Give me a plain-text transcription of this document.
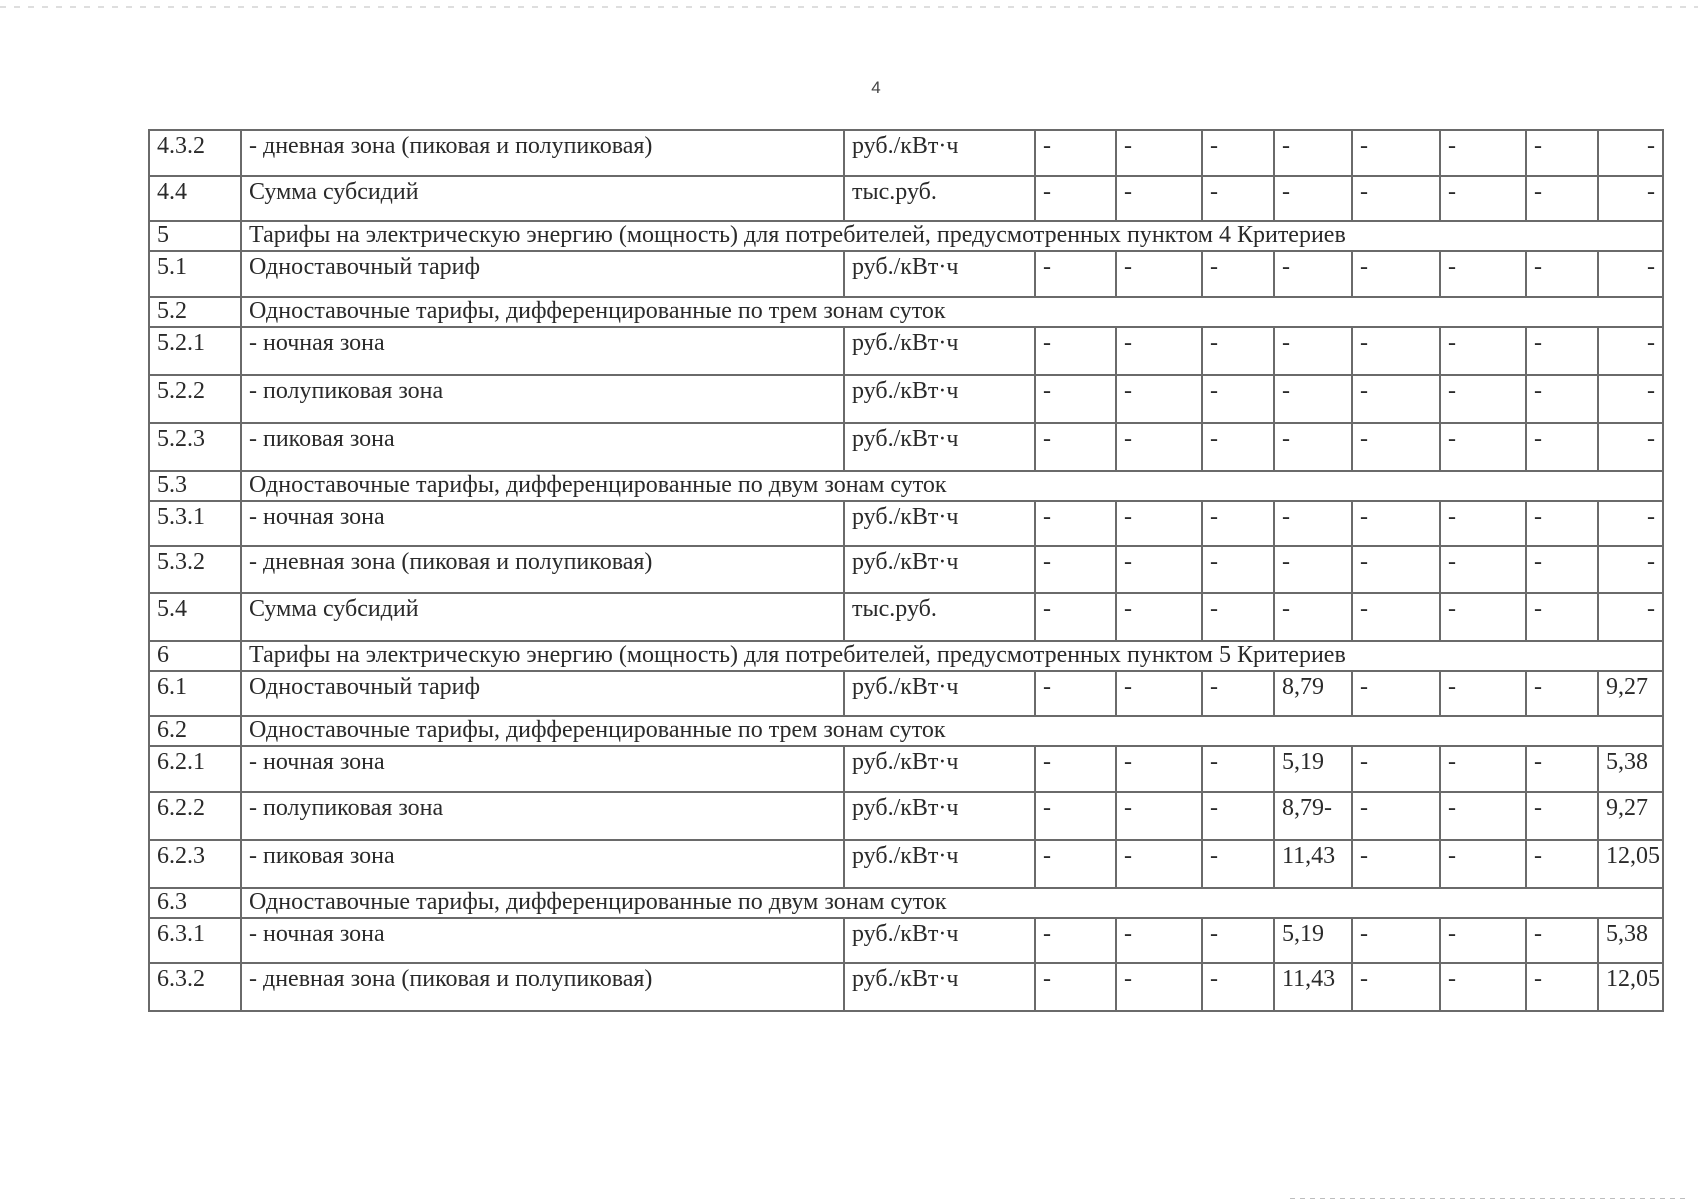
4
4.3.2	- дневная зона (пиковая и полупиковая)	руб./кВт·ч	-	-	-	-	-	-	-	-
4.4	Сумма субсидий	тыс.руб.	-	-	-	-	-	-	-	-
5	Тарифы на электрическую энергию (мощность) для потребителей, предусмотренных пунктом 4 Критериев									
5.1	Одноставочный тариф	руб./кВт·ч	-	-	-	-	-	-	-	-
5.2	Одноставочные тарифы, дифференцированные по трем зонам суток									
5.2.1	- ночная зона	руб./кВт·ч	-	-	-	-	-	-	-	-
5.2.2	- полупиковая зона	руб./кВт·ч	-	-	-	-	-	-	-	-
5.2.3	- пиковая зона	руб./кВт·ч	-	-	-	-	-	-	-	-
5.3	Одноставочные тарифы, дифференцированные по двум зонам суток									
5.3.1	- ночная зона	руб./кВт·ч	-	-	-	-	-	-	-	-
5.3.2	- дневная зона (пиковая и полупиковая)	руб./кВт·ч	-	-	-	-	-	-	-	-
5.4	Сумма субсидий	тыс.руб.	-	-	-	-	-	-	-	-
6	Тарифы на электрическую энергию (мощность) для потребителей, предусмотренных пунктом 5 Критериев									
6.1	Одноставочный тариф	руб./кВт·ч	-	-	-	8,79	-	-	-	9,27
6.2	Одноставочные тарифы, дифференцированные по трем зонам суток									
6.2.1	- ночная зона	руб./кВт·ч	-	-	-	5,19	-	-	-	5,38
6.2.2	- полупиковая зона	руб./кВт·ч	-	-	-	8,79-	-	-	-	9,27
6.2.3	- пиковая зона	руб./кВт·ч	-	-	-	11,43	-	-	-	12,05
6.3	Одноставочные тарифы, дифференцированные по двум зонам суток									
6.3.1	- ночная зона	руб./кВт·ч	-	-	-	5,19	-	-	-	5,38
6.3.2	- дневная зона (пиковая и полупиковая)	руб./кВт·ч	-	-	-	11,43	-	-	-	12,05
